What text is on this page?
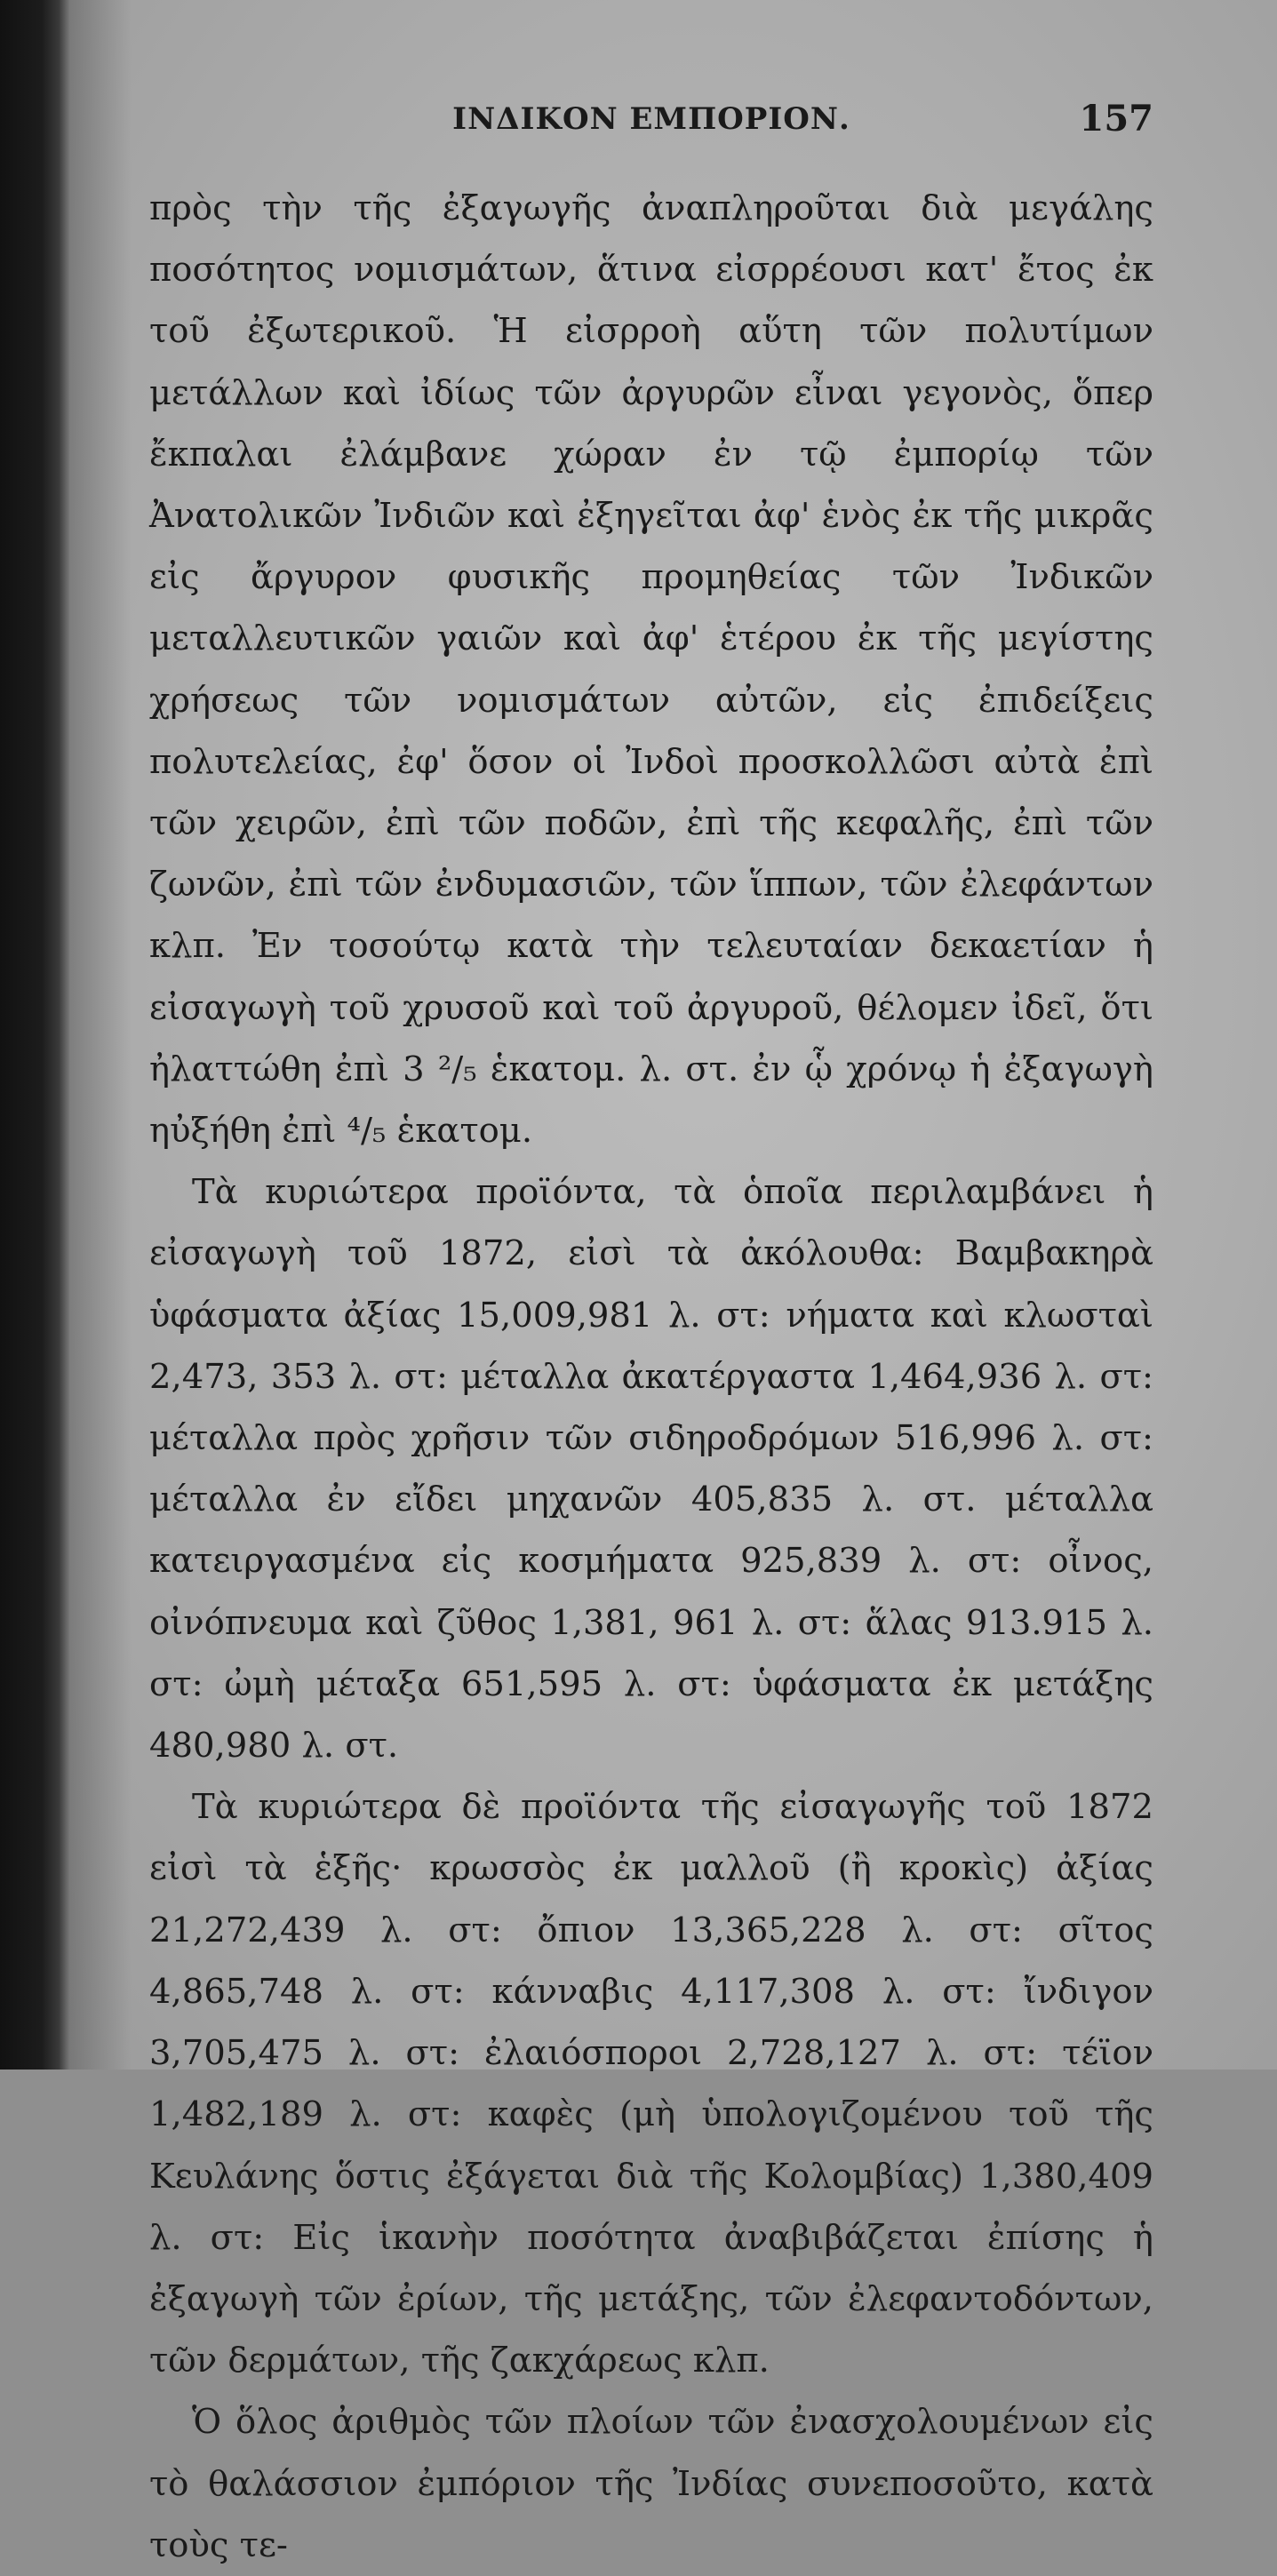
ΙΝΔΙΚΟΝ ΕΜΠΟΡΙΟΝ.	157

πρὸς τὴν τῆς ἐξαγωγῆς ἀναπληροῦται διὰ μεγάλης ποσότητος νομισμάτων, ἅτινα εἰσρρέουσι κατ' ἔτος ἐκ τοῦ ἐξωτερικοῦ. Ἡ εἰσρροὴ αὕτη τῶν πολυτίμων μετάλλων καὶ ἰδίως τῶν ἀργυρῶν εἶναι γεγονὸς, ὅπερ ἔκπαλαι ἐλάμβανε χώραν ἐν τῷ ἐμπορίῳ τῶν Ἀνατολικῶν Ἰνδιῶν καὶ ἐξηγεῖται ἀφ' ἑνὸς ἐκ τῆς μικρᾶς εἰς ἄργυρον φυσικῆς προμηθείας τῶν Ἰνδικῶν μεταλλευτικῶν γαιῶν καὶ ἀφ' ἑτέρου ἐκ τῆς μεγίστης χρήσεως τῶν νομισμάτων αὐτῶν, εἰς ἐπιδείξεις πολυτελείας, ἐφ' ὅσον οἱ Ἰνδοὶ προσκολλῶσι αὐτὰ ἐπὶ τῶν χειρῶν, ἐπὶ τῶν ποδῶν, ἐπὶ τῆς κεφαλῆς, ἐπὶ τῶν ζωνῶν, ἐπὶ τῶν ἐνδυμασιῶν, τῶν ἵππων, τῶν ἐλεφάντων κλπ. Ἐν τοσούτῳ κατὰ τὴν τελευταίαν δεκαετίαν ἡ εἰσαγωγὴ τοῦ χρυσοῦ καὶ τοῦ ἀργυροῦ, θέλομεν ἰδεῖ, ὅτι ἠλαττώθη ἐπὶ 3 ²/₅ ἑκατομ. λ. στ. ἐν ᾧ χρόνῳ ἡ ἐξαγωγὴ ηὐξήθη ἐπὶ ⁴/₅ ἑκατομ.

Τὰ κυριώτερα προϊόντα, τὰ ὁποῖα περιλαμβάνει ἡ εἰσαγωγὴ τοῦ 1872, εἰσὶ τὰ ἀκόλουθα: Βαμβακηρὰ ὑφάσματα ἀξίας 15,009,981 λ. στ: νήματα καὶ κλωσταὶ 2,473, 353 λ. στ: μέταλλα ἀκατέργαστα 1,464,936 λ. στ: μέταλλα πρὸς χρῆσιν τῶν σιδηροδρόμων 516,996 λ. στ: μέταλλα ἐν εἴδει μηχανῶν 405,835 λ. στ. μέταλλα κατειργασμένα εἰς κοσμήματα 925,839 λ. στ: οἶνος, οἰνόπνευμα καὶ ζῦθος 1,381, 961 λ. στ: ἅλας 913.915 λ. στ: ὠμὴ μέταξα 651,595 λ. στ: ὑφάσματα ἐκ μετάξης 480,980 λ. στ.

Τὰ κυριώτερα δὲ προϊόντα τῆς εἰσαγωγῆς τοῦ 1872 εἰσὶ τὰ ἑξῆς· κρωσσὸς ἐκ μαλλοῦ (ἢ κροκὶς) ἀξίας 21,272,439 λ. στ: ὄπιον 13,365,228 λ. στ: σῖτος 4,865,748 λ. στ: κάνναβις 4,117,308 λ. στ: ἴνδιγον 3,705,475 λ. στ: ἐλαιόσποροι 2,728,127 λ. στ: τέϊον 1,482,189 λ. στ: καφὲς (μὴ ὑπολογιζομένου τοῦ τῆς Κευλάνης ὅστις ἐξάγεται διὰ τῆς Κολομβίας) 1,380,409 λ. στ: Εἰς ἱκανὴν ποσότητα ἀναβιβάζεται ἐπίσης ἡ ἐξαγωγὴ τῶν ἐρίων, τῆς μετάξης, τῶν ἐλεφαντοδόντων, τῶν δερμάτων, τῆς ζακχάρεως κλπ.

Ὁ ὅλος ἀριθμὸς τῶν πλοίων τῶν ἐνασχολουμένων εἰς τὸ θαλάσσιον ἐμπόριον τῆς Ἰνδίας συνεποσοῦτο, κατὰ τοὺς τε-
